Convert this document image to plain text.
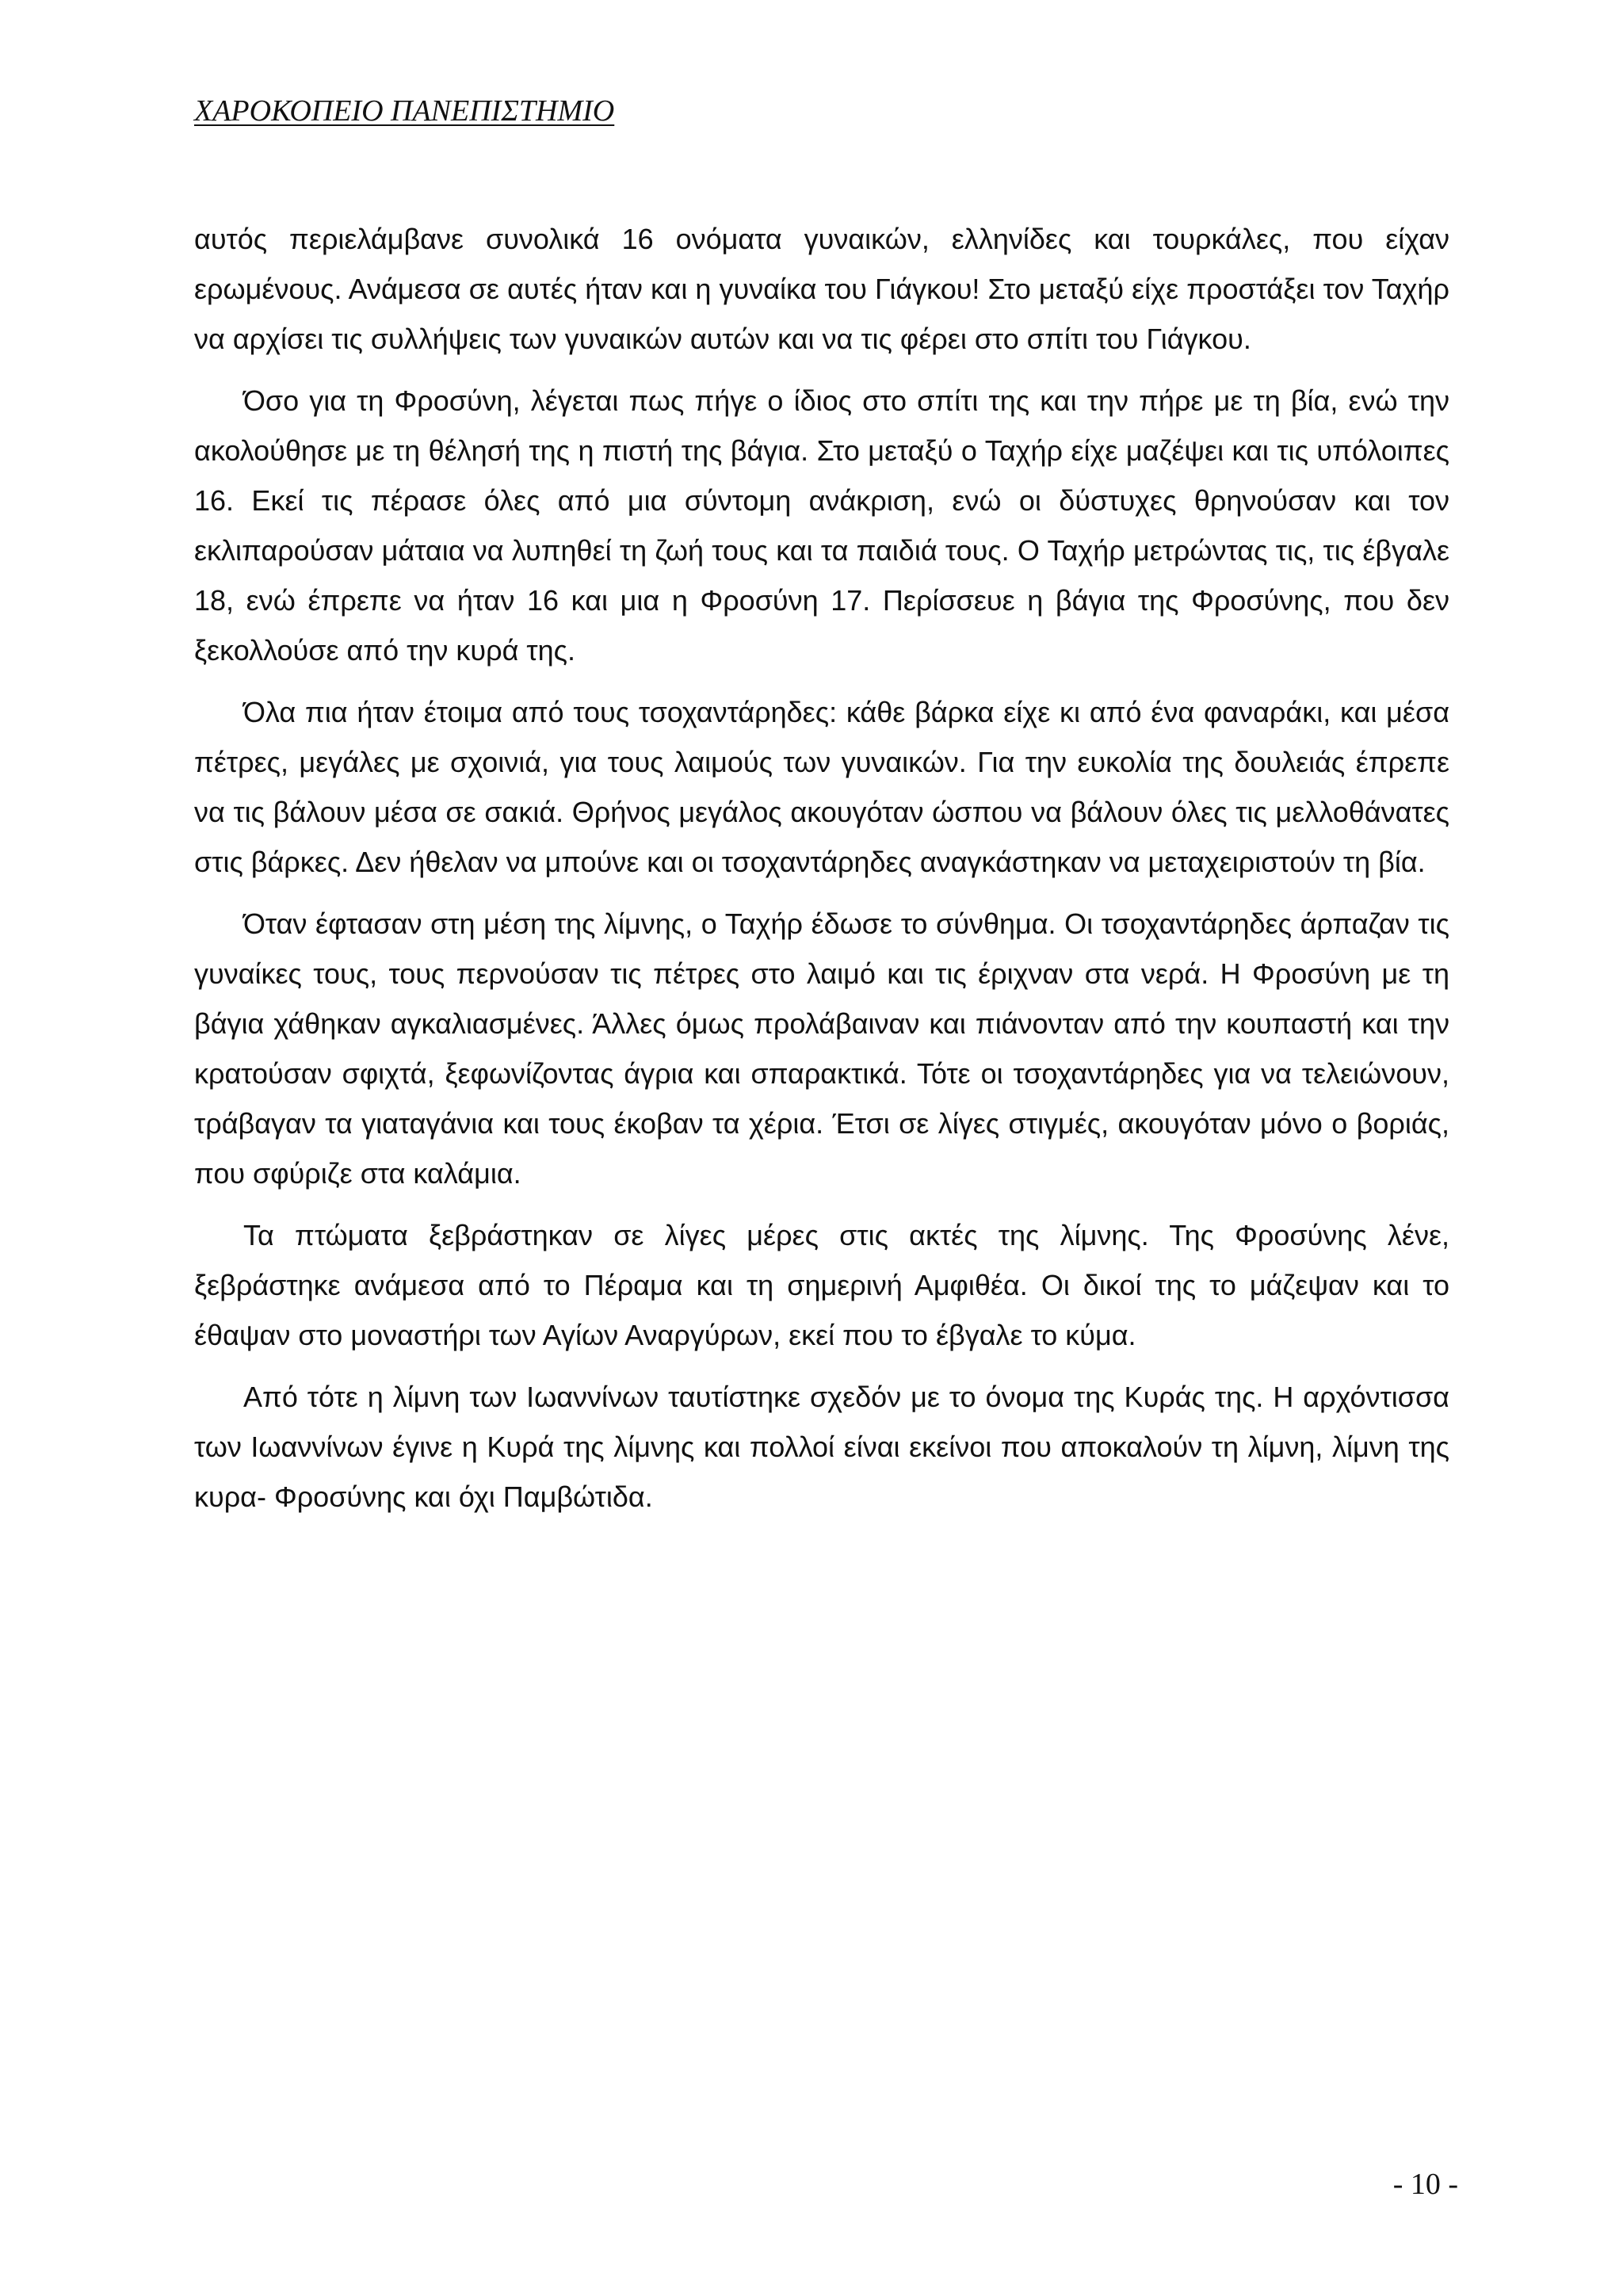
ΧΑΡΟΚΟΠΕΙΟ ΠΑΝΕΠΙΣΤΗΜΙΟ

αυτός περιελάμβανε συνολικά 16 ονόματα γυναικών, ελληνίδες και τουρκάλες, που είχαν ερωμένους. Ανάμεσα σε αυτές ήταν και η γυναίκα του Γιάγκου! Στο μεταξύ είχε προστάξει τον Ταχήρ να αρχίσει τις συλλήψεις των γυναικών αυτών και να τις φέρει στο σπίτι του Γιάγκου.

Όσο για τη Φροσύνη, λέγεται πως πήγε ο ίδιος στο σπίτι της και την πήρε με τη βία, ενώ την ακολούθησε με τη θέλησή της η πιστή της βάγια. Στο μεταξύ ο Ταχήρ είχε μαζέψει και τις υπόλοιπες 16. Εκεί τις πέρασε όλες από μια σύντομη ανάκριση, ενώ οι δύστυχες θρηνούσαν και τον εκλιπαρούσαν μάταια να λυπηθεί τη ζωή τους και τα παιδιά τους. Ο Ταχήρ μετρώντας τις, τις έβγαλε 18, ενώ έπρεπε να ήταν 16 και μια η Φροσύνη 17. Περίσσευε η βάγια της Φροσύνης, που δεν ξεκολλούσε από την κυρά της.

Όλα πια ήταν έτοιμα από τους τσοχαντάρηδες: κάθε βάρκα είχε κι από ένα φαναράκι, και μέσα πέτρες, μεγάλες με σχοινιά, για τους λαιμούς των γυναικών. Για την ευκολία της δουλειάς έπρεπε να τις βάλουν μέσα σε σακιά. Θρήνος μεγάλος ακουγόταν ώσπου να βάλουν όλες τις μελλοθάνατες στις βάρκες. Δεν ήθελαν να μπούνε και οι τσοχαντάρηδες αναγκάστηκαν να μεταχειριστούν τη βία.

Όταν έφτασαν στη μέση της λίμνης, ο Ταχήρ έδωσε το σύνθημα. Οι τσοχαντάρηδες άρπαζαν τις γυναίκες τους, τους περνούσαν τις πέτρες στο λαιμό και τις έριχναν στα νερά. Η Φροσύνη με τη βάγια χάθηκαν αγκαλιασμένες. Άλλες όμως προλάβαιναν και πιάνονταν από την κουπαστή και την κρατούσαν σφιχτά, ξεφωνίζοντας άγρια και σπαρακτικά. Τότε οι τσοχαντάρηδες για να τελειώνουν, τράβαγαν τα γιαταγάνια και τους έκοβαν τα χέρια. Έτσι σε λίγες στιγμές, ακουγόταν μόνο ο βοριάς, που σφύριζε στα καλάμια.

Τα πτώματα ξεβράστηκαν σε λίγες μέρες στις ακτές της λίμνης. Της Φροσύνης λένε, ξεβράστηκε ανάμεσα από το Πέραμα και τη σημερινή Αμφιθέα. Οι δικοί της το μάζεψαν και το έθαψαν στο μοναστήρι των Αγίων Αναργύρων, εκεί που το έβγαλε το κύμα.

Από τότε η λίμνη των Ιωαννίνων ταυτίστηκε σχεδόν με το όνομα της Κυράς της. Η αρχόντισσα των Ιωαννίνων έγινε η Κυρά της λίμνης και πολλοί είναι εκείνοι που αποκαλούν τη λίμνη, λίμνη της κυρα- Φροσύνης και όχι Παμβώτιδα.

- 10 -
